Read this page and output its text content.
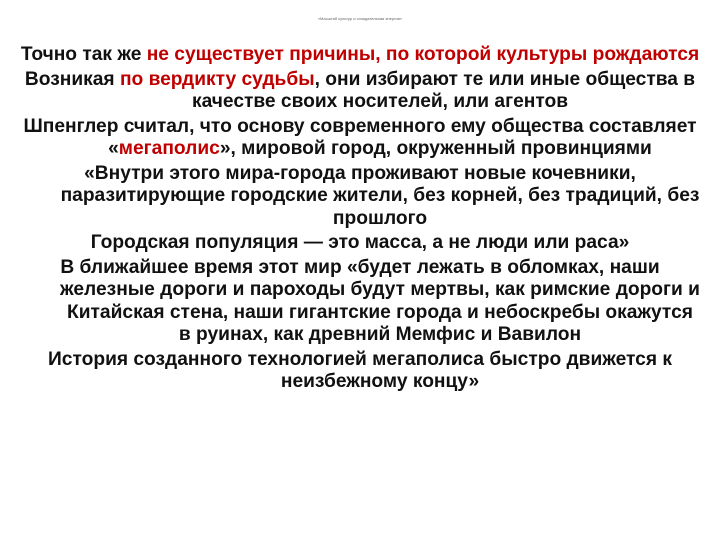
«Масштаб культур и созидательная энергия»

Точно так же не существует причины, по которой культуры рождаются

Возникая по вердикту судьбы, они избирают те или иные общества в качестве своих носителей, или агентов

Шпенглер считал, что основу современного ему общества составляет «мегаполис», мировой город, окруженный провинциями

«Внутри этого мира-города проживают новые кочевники, паразитирующие городские жители, без корней, без традиций, без прошлого

Городская популяция — это масса, а не люди или раса»

В ближайшее время этот мир «будет лежать в обломках, наши железные дороги и пароходы будут мертвы, как римские дороги и Китайская стена, наши гигантские города и небоскребы окажутся в руинах, как древний Мемфис и Вавилон

История созданного технологией мегаполиса быстро движется к неизбежному концу»
